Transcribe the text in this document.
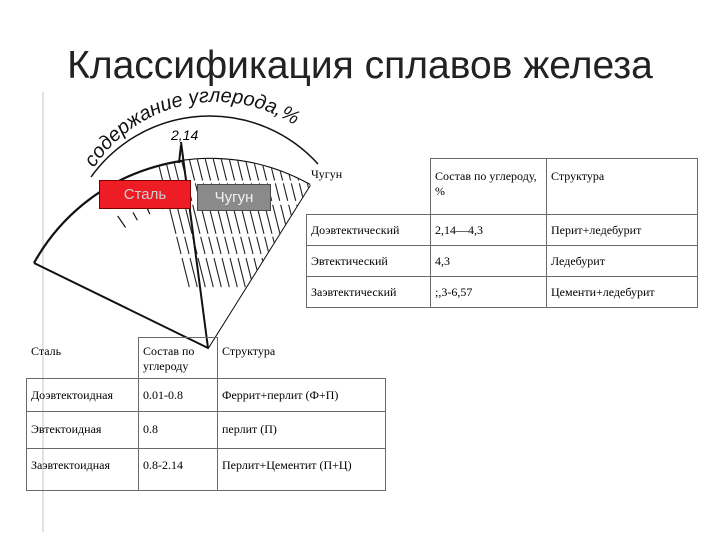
Классификация сплавов железа
2,14
содержание углерода,%
Сталь	Чугун
Чугун	Состав по углероду, %	Структура
Доэвтектический	2,14—4,3	Перит+ледебурит
Эвтектический	4,3	Ледебурит
Заэвтектический	;,3-6,57	Цементи+ледебурит
Сталь	Состав по углероду	Структура
Доэвтектоидная	0.01-0.8	Феррит+перлит (Ф+П)
Эвтектоидная	0.8	перлит (П)
Заэвтектоидная	0.8-2.14	Перлит+Цементит (П+Ц)
